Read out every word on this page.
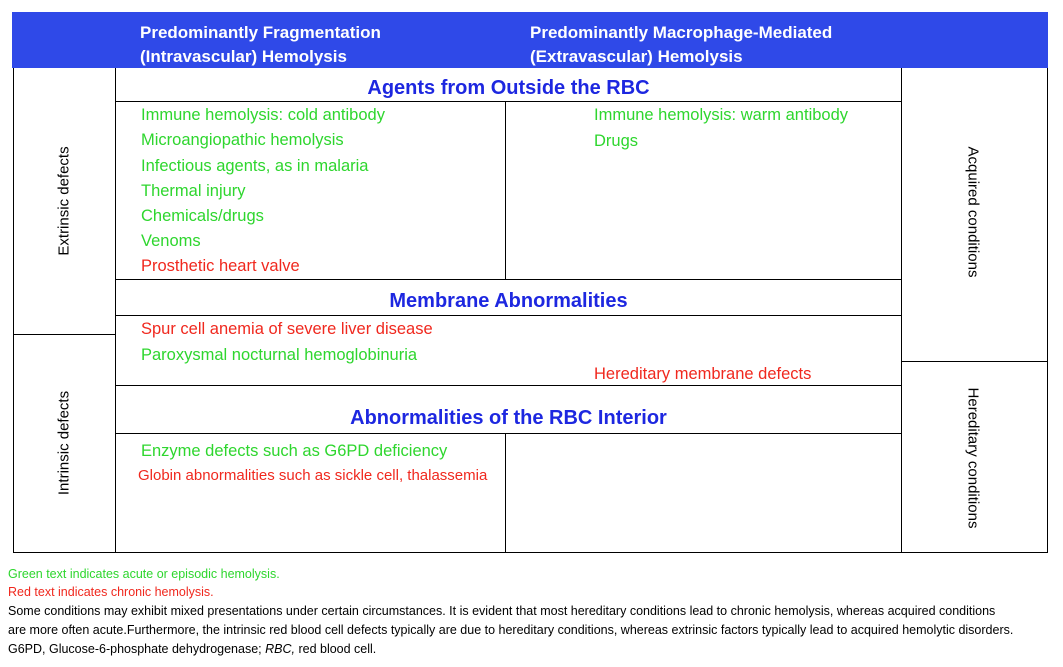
Predominantly Fragmentation
(Intravascular) Hemolysis
Predominantly Macrophage-Mediated
(Extravascular) Hemolysis
Extrinsic defects
Intrinsic defects
Acquired conditions
Hereditary conditions
Agents from Outside the RBC
Immune hemolysis: cold antibody
Microangiopathic hemolysis
Infectious agents, as in malaria
Thermal injury
Chemicals/drugs
Venoms
Prosthetic heart valve
Immune hemolysis: warm antibody
Drugs
Membrane Abnormalities
Spur cell anemia of severe liver disease
Paroxysmal nocturnal hemoglobinuria
Hereditary membrane defects
Abnormalities of the RBC Interior
Enzyme defects such as G6PD deficiency
Globin abnormalities such as sickle cell, thalassemia
Green text indicates acute or episodic hemolysis.
Red text indicates chronic hemolysis.
Some conditions may exhibit mixed presentations under certain circumstances. It is evident that most hereditary conditions lead to chronic hemolysis, whereas acquired conditions
are more often acute.Furthermore, the intrinsic red blood cell defects typically are due to hereditary conditions, whereas extrinsic factors typically lead to acquired hemolytic disorders.
G6PD, Glucose-6-phosphate dehydrogenase; RBC, red blood cell.
